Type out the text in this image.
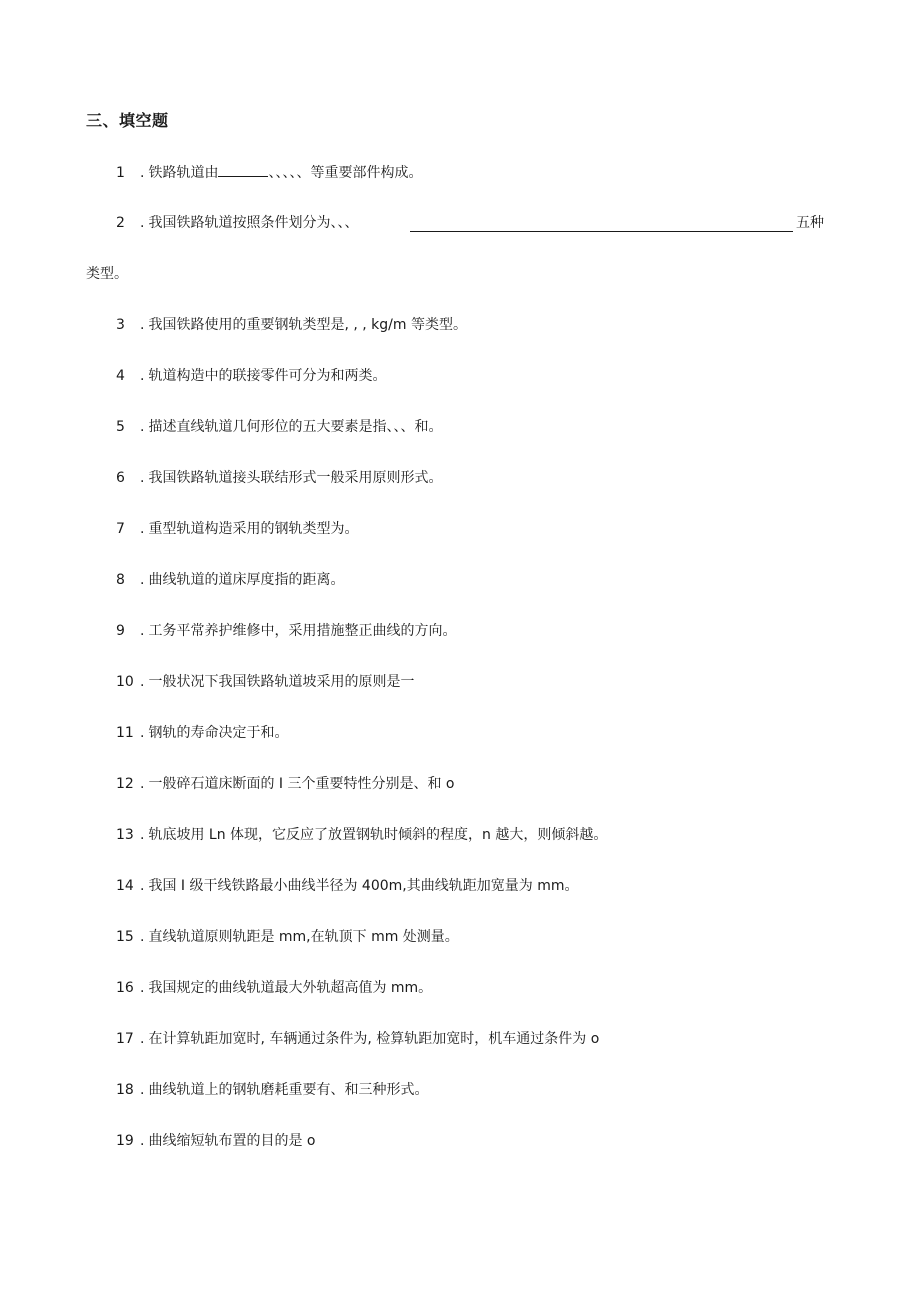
三、填空题
1 . 铁路轨道由	、、、、、等重要部件构成。
2 . 我国铁路轨道按照条件划分为、、、	五种
类型。
3 . 我国铁路使用的重要钢轨类型是, , , kg/m 等类型。
4 . 轨道构造中的联接零件可分为和两类。
5 . 描述直线轨道几何形位的五大要素是指、、、和。
6 . 我国铁路轨道接头联结形式一般采用原则形式。
7 . 重型轨道构造采用的钢轨类型为。
8 . 曲线轨道的道床厚度指的距离。
9 . 工务平常养护维修中，采用措施整正曲线的方向。
10 . 一般状况下我国铁路轨道坡采用的原则是一
11 . 钢轨的寿命决定于和。
12 . 一般碎石道床断面的 I 三个重要特性分别是、和 o
13 . 轨底坡用 Ln 体现，它反应了放置钢轨时倾斜的程度，n 越大，则倾斜越。
14 . 我国 I 级干线铁路最小曲线半径为 400m,其曲线轨距加宽量为 mm。
15 . 直线轨道原则轨距是 mm,在轨顶下 mm 处测量。
16 . 我国规定的曲线轨道最大外轨超高值为 mm。
17 . 在计算轨距加宽时, 车辆通过条件为, 检算轨距加宽时，机车通过条件为 o
18 . 曲线轨道上的钢轨磨耗重要有、和三种形式。
19 . 曲线缩短轨布置的目的是 o
